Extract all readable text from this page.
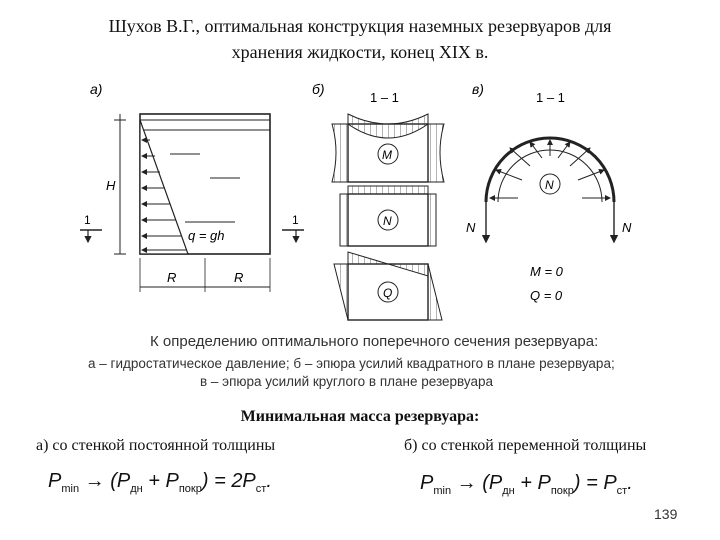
Шухов В.Г., оптимальная конструкция наземных резервуаров для
хранения жидкости, конец XIX в.
а)
q = gh
H
1	1
R	R
б)
1 – 1
M
N
Q
в)
1 – 1
N
N	N
M = 0
Q = 0
К определению оптимального поперечного сечения резервуара:
а – гидростатическое давление; б – эпюра усилий квадратного в плане резервуара;
в – эпюра усилий круглого в плане резервуара
Минимальная масса резервуара:
а) со стенкой постоянной толщины	б) со стенкой переменной толщины
$P_{min} \to (P_{дн} + P_{покр}) = 2P_{ст}$.	$P_{min} \to (P_{дн} + P_{покр}) = P_{ст}$.
139
